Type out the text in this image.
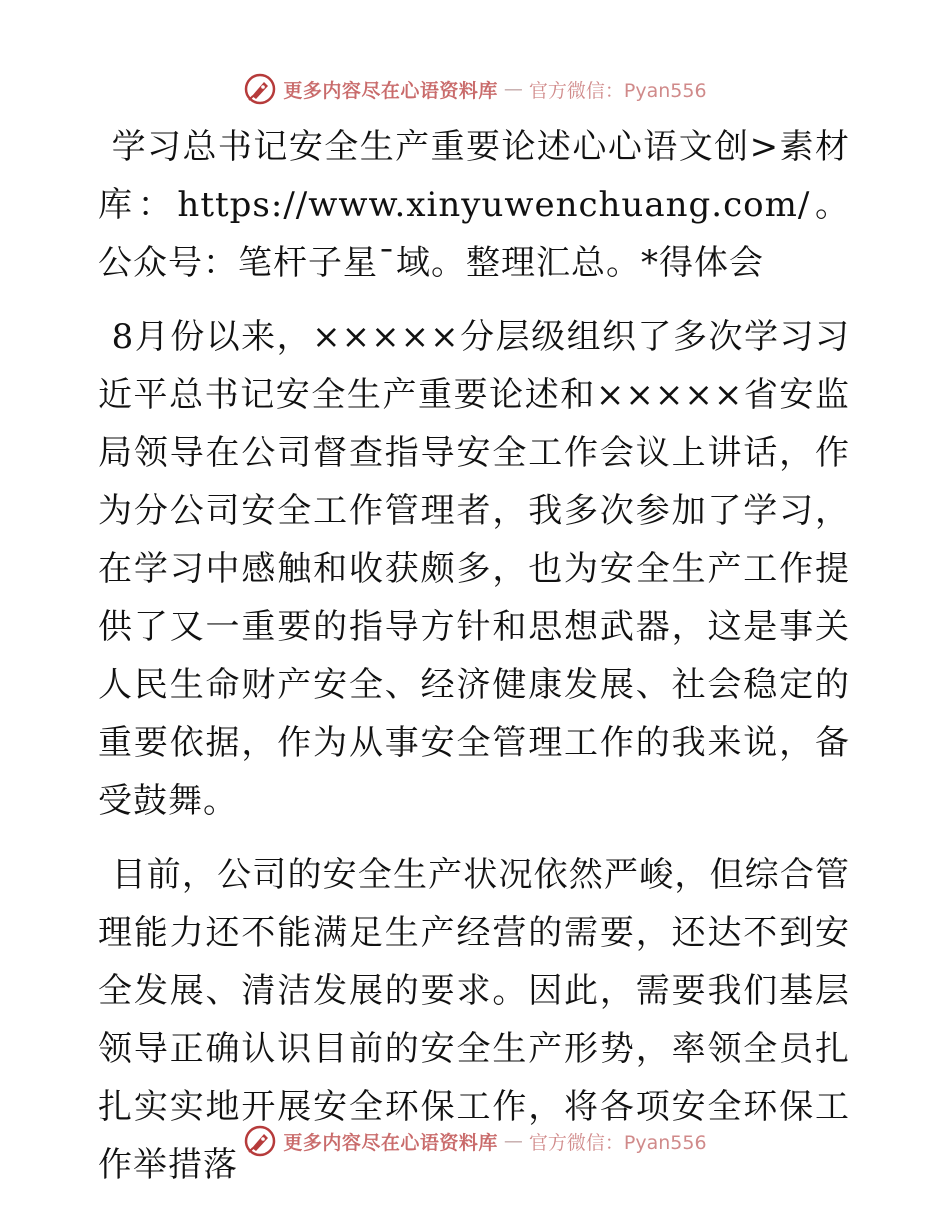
更多内容尽在心语资料库 — 官方微信：Pyan556

学习总书记安全生产重要论述心心语文创>素材库：https://www.xinyuwenchuang.com/。公众号：笔杆子星¯域。整理汇总。*得体会

8月份以来，×××××分层级组织了多次学习习近平总书记安全生产重要论述和×××××省安监局领导在公司督查指导安全工作会议上讲话，作为分公司安全工作管理者，我多次参加了学习，在学习中感触和收获颇多，也为安全生产工作提供了又一重要的指导方针和思想武器，这是事关人民生命财产安全、经济健康发展、社会稳定的重要依据，作为从事安全管理工作的我来说，备受鼓舞。

目前，公司的安全生产状况依然严峻，但综合管理能力还不能满足生产经营的需要，还达不到安全发展、清洁发展的要求。因此，需要我们基层领导正确认识目前的安全生产形势，率领全员扎扎实实地开展安全环保工作，将各项安全环保工作举措落

更多内容尽在心语资料库 — 官方微信：Pyan556
